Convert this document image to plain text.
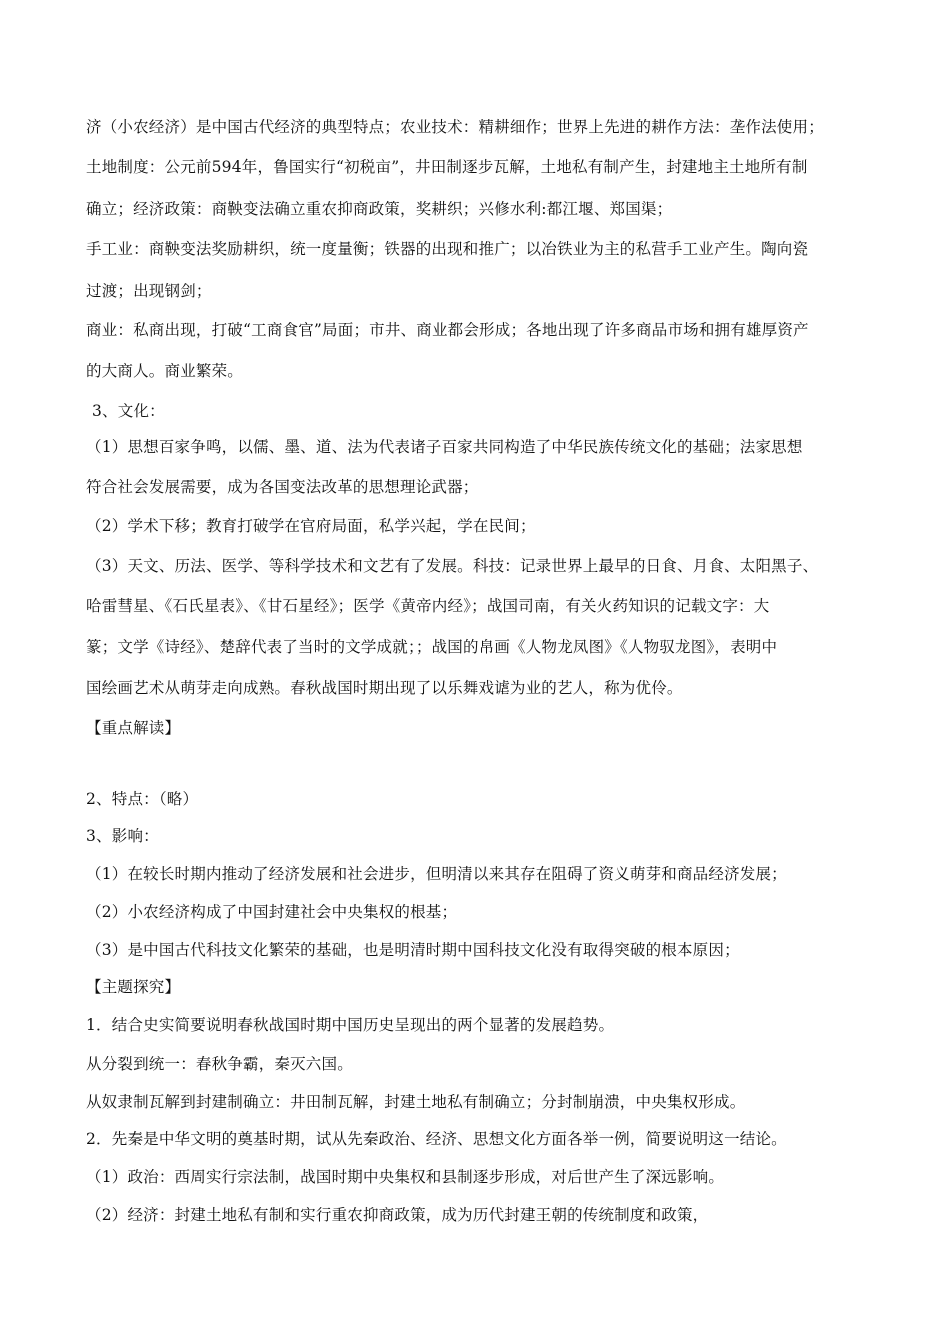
济（小农经济）是中国古代经济的典型特点；农业技术：精耕细作；世界上先进的耕作方法：垄作法使用；
土地制度：公元前594年，鲁国实行“初税亩”，井田制逐步瓦解，土地私有制产生，封建地主土地所有制
确立；经济政策：商鞅变法确立重农抑商政策，奖耕织；兴修水利:都江堰、郑国渠；
手工业：商鞅变法奖励耕织，统一度量衡；铁器的出现和推广；以冶铁业为主的私营手工业产生。陶向瓷
过渡；出现钢剑；
商业：私商出现，打破“工商食官”局面；市井、商业都会形成；各地出现了许多商品市场和拥有雄厚资产
的大商人。商业繁荣。
3、文化：
（1）思想百家争鸣，以儒、墨、道、法为代表诸子百家共同构造了中华民族传统文化的基础；法家思想
符合社会发展需要，成为各国变法改革的思想理论武器；
（2）学术下移；教育打破学在官府局面，私学兴起，学在民间；
（3）天文、历法、医学、等科学技术和文艺有了发展。科技：记录世界上最早的日食、月食、太阳黑子、
哈雷彗星、《石氏星表》、《甘石星经》；医学《黄帝内经》；战国司南，有关火药知识的记载文字：大
篆；文学《诗经》、楚辞代表了当时的文学成就；；战国的帛画《人物龙凤图》《人物驭龙图》，表明中
国绘画艺术从萌芽走向成熟。春秋战国时期出现了以乐舞戏谑为业的艺人，称为优伶。
【重点解读】
2、特点：（略）
3、影响：
（1）在较长时期内推动了经济发展和社会进步，但明清以来其存在阻碍了资义萌芽和商品经济发展；
（2）小农经济构成了中国封建社会中央集权的根基；
（3）是中国古代科技文化繁荣的基础，也是明清时期中国科技文化没有取得突破的根本原因；
【主题探究】
1．结合史实简要说明春秋战国时期中国历史呈现出的两个显著的发展趋势。
从分裂到统一：春秋争霸，秦灭六国。
从奴隶制瓦解到封建制确立：井田制瓦解，封建土地私有制确立；分封制崩溃，中央集权形成。
2．先秦是中华文明的奠基时期，试从先秦政治、经济、思想文化方面各举一例，简要说明这一结论。
（1）政治：西周实行宗法制，战国时期中央集权和县制逐步形成，对后世产生了深远影响。
（2）经济：封建土地私有制和实行重农抑商政策，成为历代封建王朝的传统制度和政策，
